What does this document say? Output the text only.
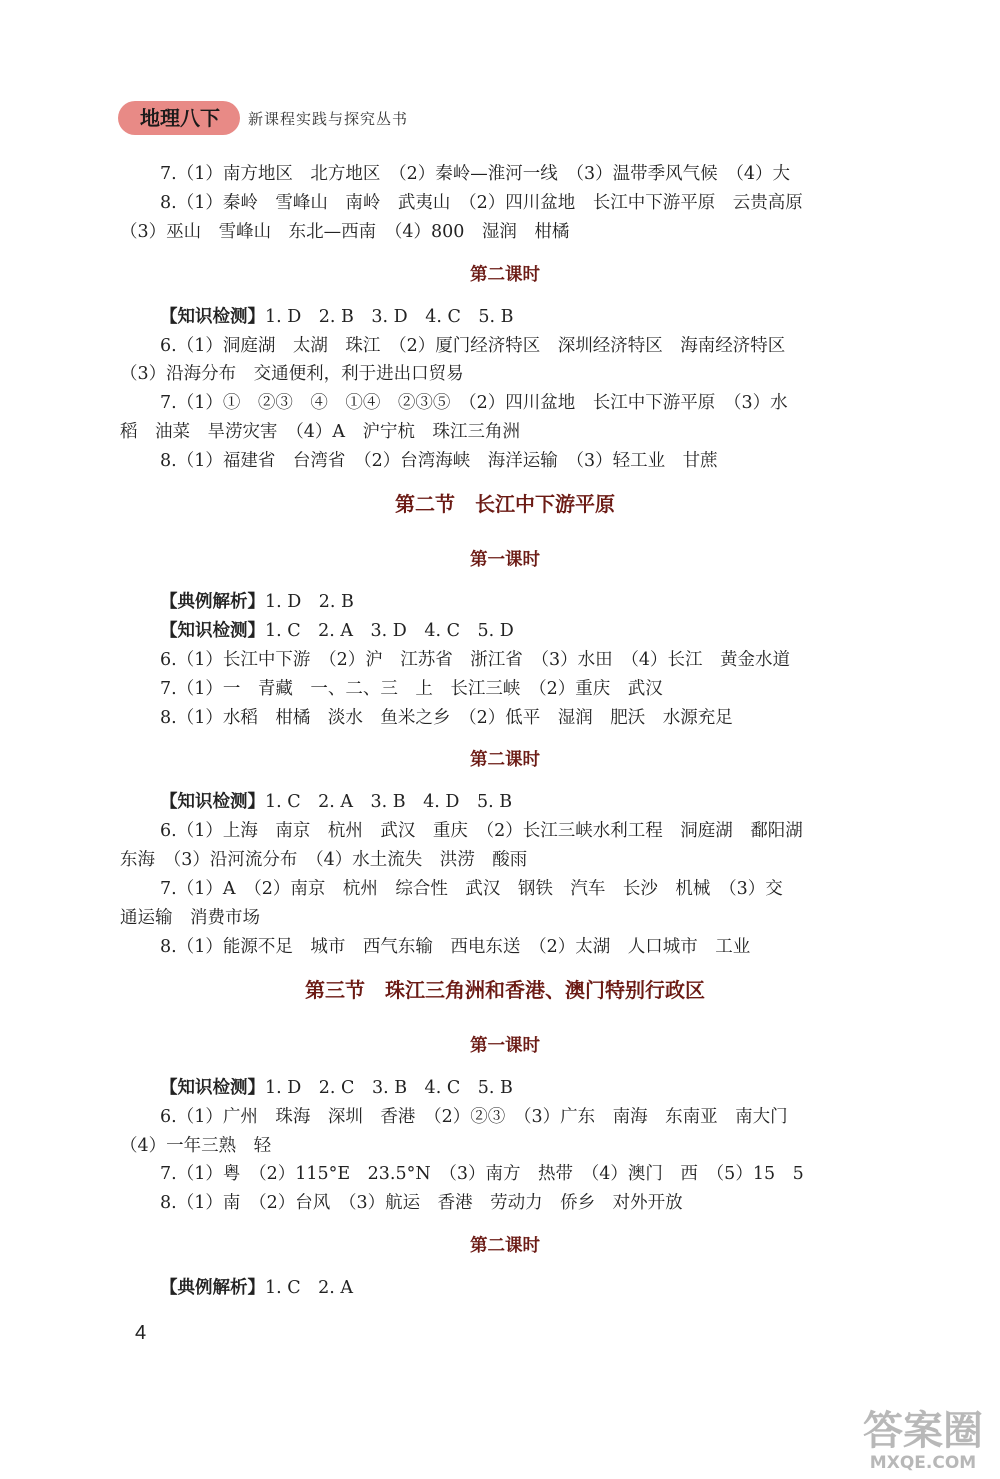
地理八下	新课程实践与探究丛书
7.（1）南方地区　北方地区　（2）秦岭—淮河一线　（3）温带季风气候　（4）大
8.（1）秦岭　雪峰山　南岭　武夷山　（2）四川盆地　长江中下游平原　云贵高原
（3）巫山　雪峰山　东北—西南　（4）800　湿润　柑橘
第二课时
【知识检测】1. D　2. B　3. D　4. C　5. B
6.（1）洞庭湖　太湖　珠江　（2）厦门经济特区　深圳经济特区　海南经济特区
（3）沿海分布　交通便利，利于进出口贸易
7.（1）①　②③　④　①④　②③⑤　（2）四川盆地　长江中下游平原　（3）水
稻　油菜　旱涝灾害　（4）A　沪宁杭　珠江三角洲
8.（1）福建省　台湾省　（2）台湾海峡　海洋运输　（3）轻工业　甘蔗
第二节　长江中下游平原
第一课时
【典例解析】1. D　2. B
【知识检测】1. C　2. A　3. D　4. C　5. D
6.（1）长江中下游　（2）沪　江苏省　浙江省　（3）水田　（4）长江　黄金水道
7.（1）一　青藏　一、二、三　上　长江三峡　（2）重庆　武汉
8.（1）水稻　柑橘　淡水　鱼米之乡　（2）低平　湿润　肥沃　水源充足
第二课时
【知识检测】1. C　2. A　3. B　4. D　5. B
6.（1）上海　南京　杭州　武汉　重庆　（2）长江三峡水利工程　洞庭湖　鄱阳湖
东海　（3）沿河流分布　（4）水土流失　洪涝　酸雨
7.（1）A　（2）南京　杭州　综合性　武汉　钢铁　汽车　长沙　机械　（3）交
通运输　消费市场
8.（1）能源不足　城市　西气东输　西电东送　（2）太湖　人口城市　工业
第三节　珠江三角洲和香港、澳门特别行政区
第一课时
【知识检测】1. D　2. C　3. B　4. C　5. B
6.（1）广州　珠海　深圳　香港　（2）②③　（3）广东　南海　东南亚　南大门
（4）一年三熟　轻
7.（1）粤　（2）115°E　23.5°N　（3）南方　热带　（4）澳门　西　（5）15　5
8.（1）南　（2）台风　（3）航运　香港　劳动力　侨乡　对外开放
第二课时
【典例解析】1. C　2. A
4
答案圈
MXQE.COM
